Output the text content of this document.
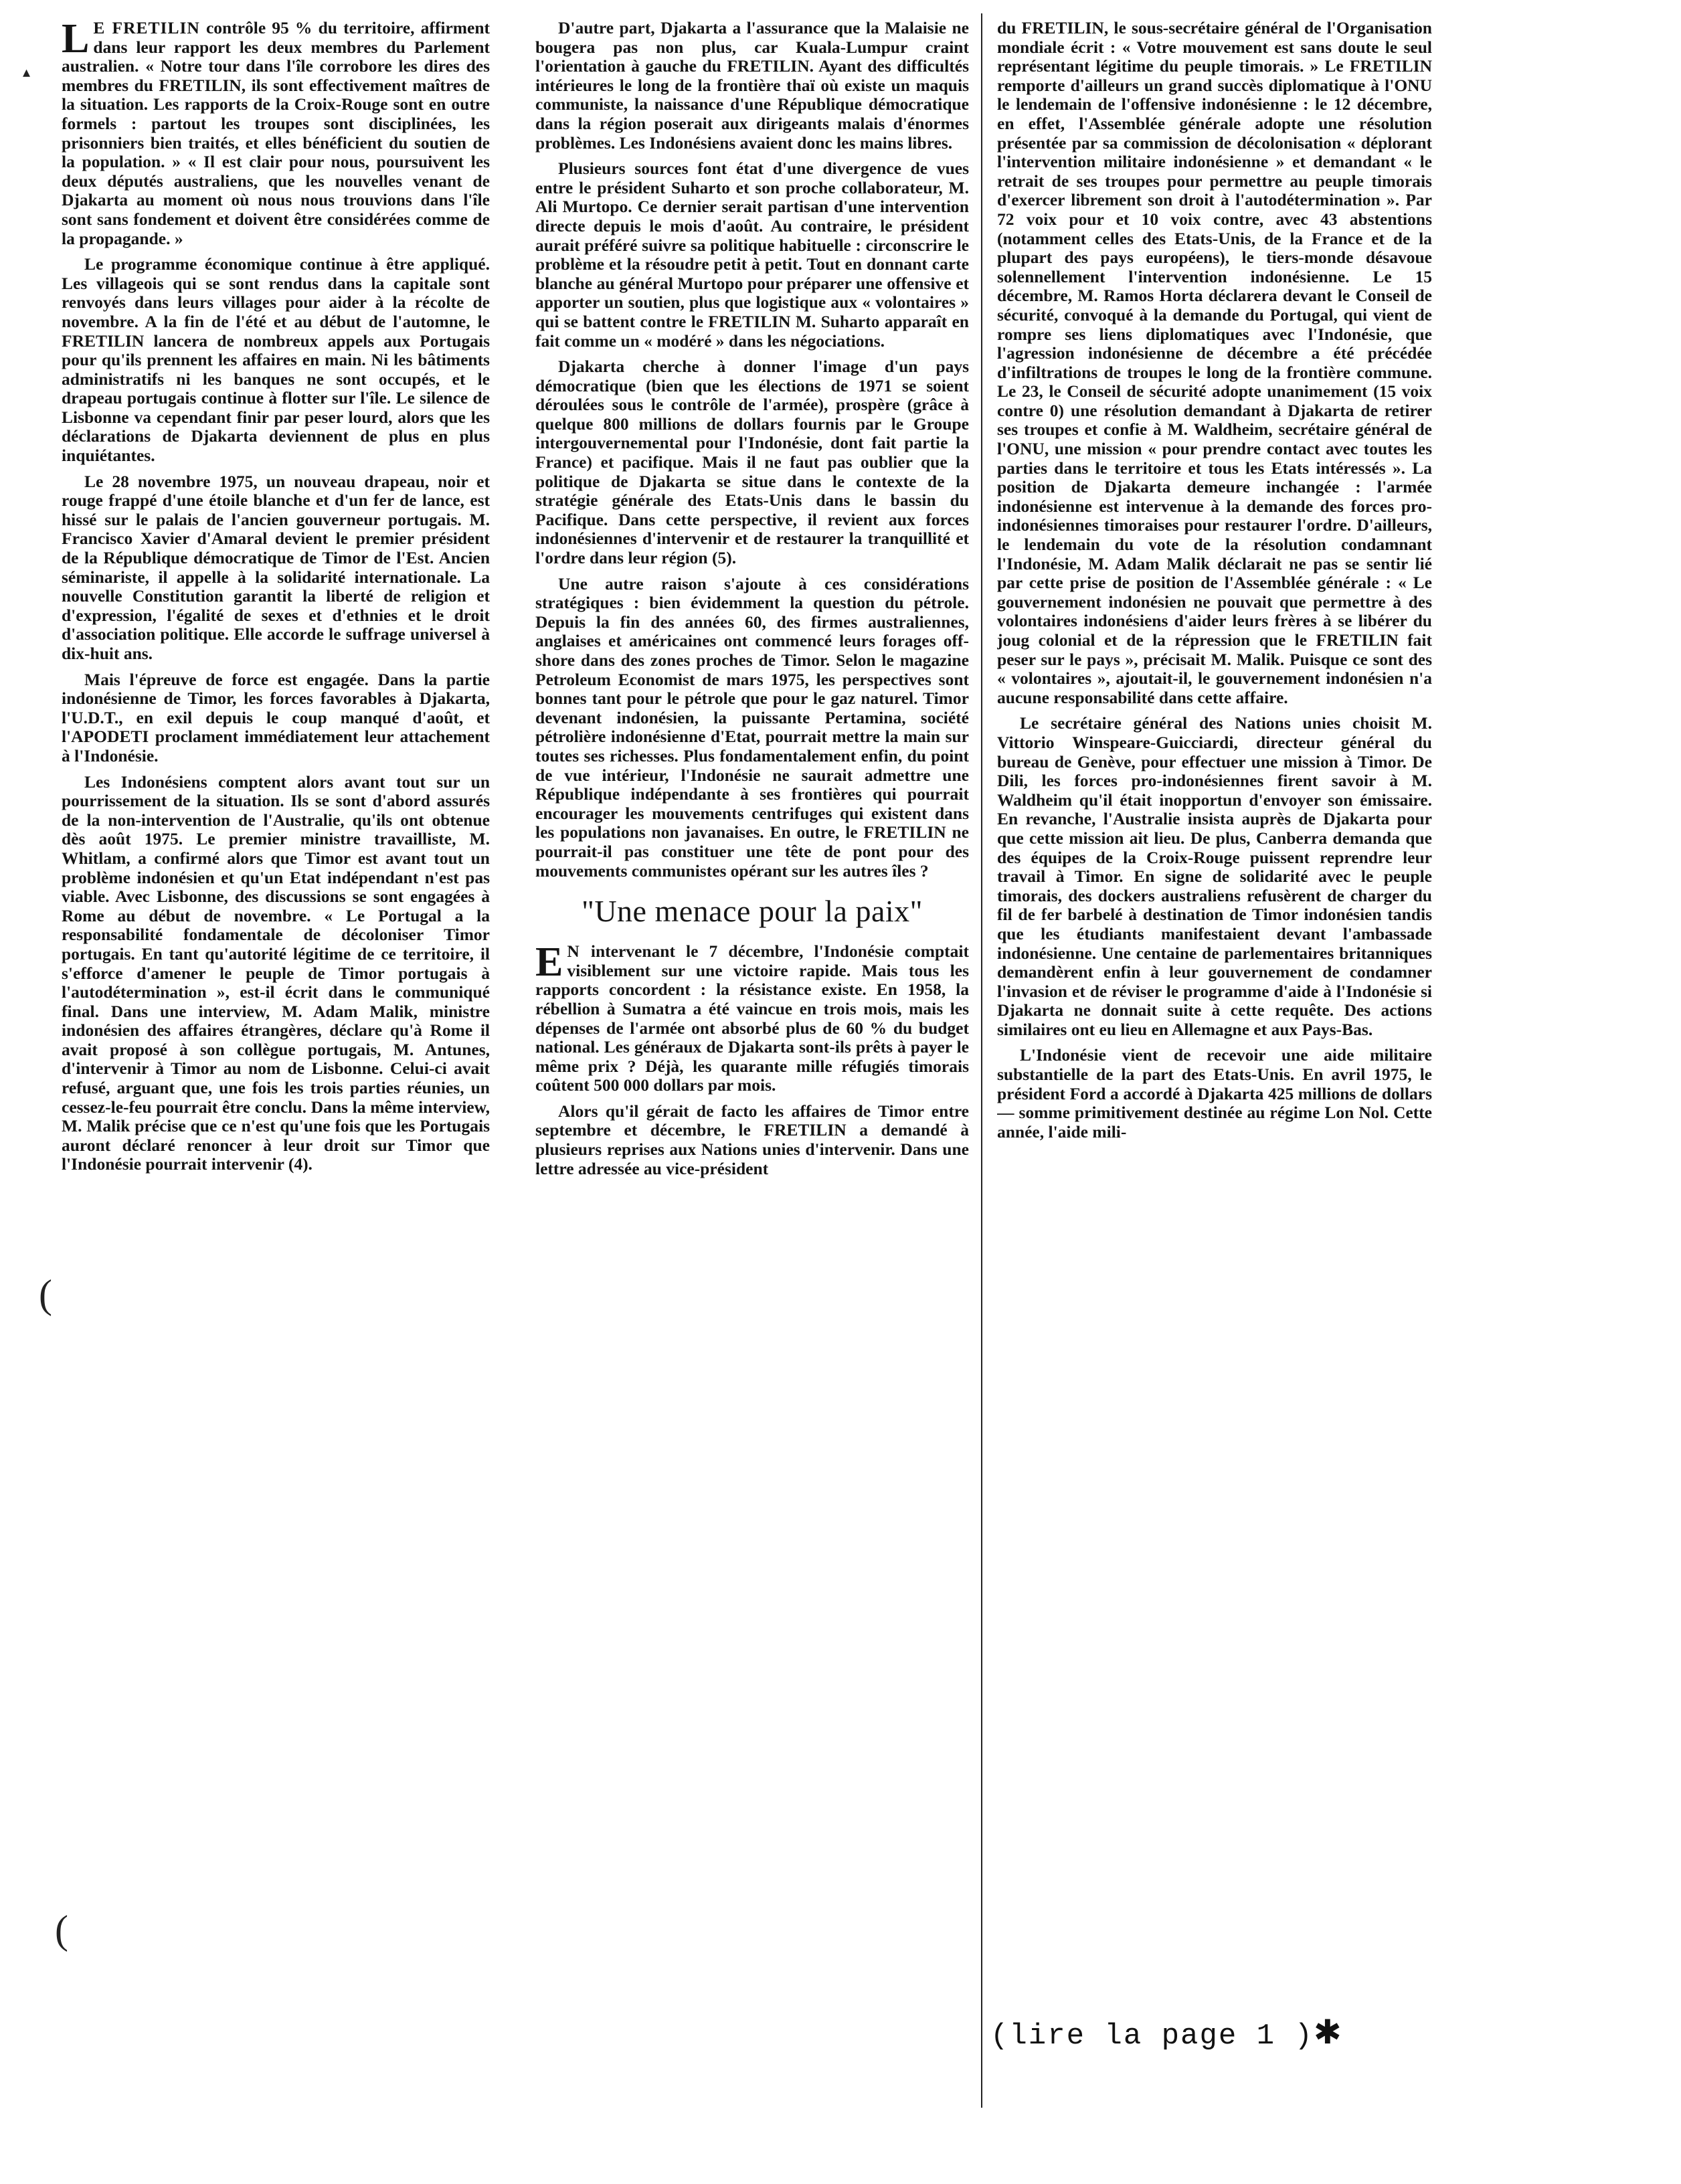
L E FRETILIN contrôle 95 % du territoire, affirment dans leur rapport les deux membres du Parlement australien. « Notre tour dans l'île corrobore les dires des membres du FRETILIN, ils sont effectivement maîtres de la situation. Les rapports de la Croix-Rouge sont en outre formels : partout les troupes sont disciplinées, les prisonniers bien traités, et elles bénéficient du soutien de la population. » « Il est clair pour nous, poursuivent les deux députés australiens, que les nouvelles venant de Djakarta au moment où nous nous trouvions dans l'île sont sans fondement et doivent être considérées comme de la propagande. »

Le programme économique continue à être appliqué. Les villageois qui se sont rendus dans la capitale sont renvoyés dans leurs villages pour aider à la récolte de novembre. A la fin de l'été et au début de l'automne, le FRETILIN lancera de nombreux appels aux Portugais pour qu'ils prennent les affaires en main. Ni les bâtiments administratifs ni les banques ne sont occupés, et le drapeau portugais continue à flotter sur l'île. Le silence de Lisbonne va cependant finir par peser lourd, alors que les déclarations de Djakarta deviennent de plus en plus inquiétantes.

Le 28 novembre 1975, un nouveau drapeau, noir et rouge frappé d'une étoile blanche et d'un fer de lance, est hissé sur le palais de l'ancien gouverneur portugais. M. Francisco Xavier d'Amaral devient le premier président de la République démocratique de Timor de l'Est. Ancien séminariste, il appelle à la solidarité internationale. La nouvelle Constitution garantit la liberté de religion et d'expression, l'égalité de sexes et d'ethnies et le droit d'association politique. Elle accorde le suffrage universel à dix-huit ans.

Mais l'épreuve de force est engagée. Dans la partie indonésienne de Timor, les forces favorables à Djakarta, l'U.D.T., en exil depuis le coup manqué d'août, et l'APODETI proclament immédiatement leur attachement à l'Indonésie.

Les Indonésiens comptent alors avant tout sur un pourrissement de la situation. Ils se sont d'abord assurés de la non-intervention de l'Australie, qu'ils ont obtenue dès août 1975. Le premier ministre travailliste, M. Whitlam, a confirmé alors que Timor est avant tout un problème indonésien et qu'un Etat indépendant n'est pas viable. Avec Lisbonne, des discussions se sont engagées à Rome au début de novembre. « Le Portugal a la responsabilité fondamentale de décoloniser Timor portugais. En tant qu'autorité légitime de ce territoire, il s'efforce d'amener le peuple de Timor portugais à l'autodétermination », est-il écrit dans le communiqué final. Dans une interview, M. Adam Malik, ministre indonésien des affaires étrangères, déclare qu'à Rome il avait proposé à son collègue portugais, M. Antunes, d'intervenir à Timor au nom de Lisbonne. Celui-ci avait refusé, arguant que, une fois les trois parties réunies, un cessez-le-feu pourrait être conclu. Dans la même interview, M. Malik précise que ce n'est qu'une fois que les Portugais auront déclaré renoncer à leur droit sur Timor que l'Indonésie pourrait intervenir (4).

D'autre part, Djakarta a l'assurance que la Malaisie ne bougera pas non plus, car Kuala-Lumpur craint l'orientation à gauche du FRETILIN. Ayant des difficultés intérieures le long de la frontière thaï où existe un maquis communiste, la naissance d'une République démocratique dans la région poserait aux dirigeants malais d'énormes problèmes. Les Indonésiens avaient donc les mains libres.

Plusieurs sources font état d'une divergence de vues entre le président Suharto et son proche collaborateur, M. Ali Murtopo. Ce dernier serait partisan d'une intervention directe depuis le mois d'août. Au contraire, le président aurait préféré suivre sa politique habituelle : circonscrire le problème et la résoudre petit à petit. Tout en donnant carte blanche au général Murtopo pour préparer une offensive et apporter un soutien, plus que logistique aux « volontaires » qui se battent contre le FRETILIN M. Suharto apparaît en fait comme un « modéré » dans les négociations.

Djakarta cherche à donner l'image d'un pays démocratique (bien que les élections de 1971 se soient déroulées sous le contrôle de l'armée), prospère (grâce à quelque 800 millions de dollars fournis par le Groupe intergouvernemental pour l'Indonésie, dont fait partie la France) et pacifique. Mais il ne faut pas oublier que la politique de Djakarta se situe dans le contexte de la stratégie générale des Etats-Unis dans le bassin du Pacifique. Dans cette perspective, il revient aux forces indonésiennes d'intervenir et de restaurer la tranquillité et l'ordre dans leur région (5).

Une autre raison s'ajoute à ces considérations stratégiques : bien évidemment la question du pétrole. Depuis la fin des années 60, des firmes australiennes, anglaises et américaines ont commencé leurs forages off-shore dans des zones proches de Timor. Selon le magazine Petroleum Economist de mars 1975, les perspectives sont bonnes tant pour le pétrole que pour le gaz naturel. Timor devenant indonésien, la puissante Pertamina, société pétrolière indonésienne d'Etat, pourrait mettre la main sur toutes ses richesses. Plus fondamentalement enfin, du point de vue intérieur, l'Indonésie ne saurait admettre une République indépendante à ses frontières qui pourrait encourager les mouvements centrifuges qui existent dans les populations non javanaises. En outre, le FRETILIN ne pourrait-il pas constituer une tête de pont pour des mouvements communistes opérant sur les autres îles ?

"Une menace pour la paix"

E N intervenant le 7 décembre, l'Indonésie comptait visiblement sur une victoire rapide. Mais tous les rapports concordent : la résistance existe. En 1958, la rébellion à Sumatra a été vaincue en trois mois, mais les dépenses de l'armée ont absorbé plus de 60 % du budget national. Les généraux de Djakarta sont-ils prêts à payer le même prix ? Déjà, les quarante mille réfugiés timorais coûtent 500 000 dollars par mois.

Alors qu'il gérait de facto les affaires de Timor entre septembre et décembre, le FRETILIN a demandé à plusieurs reprises aux Nations unies d'intervenir. Dans une lettre adressée au vice-président

du FRETILIN, le sous-secrétaire général de l'Organisation mondiale écrit : « Votre mouvement est sans doute le seul représentant légitime du peuple timorais. » Le FRETILIN remporte d'ailleurs un grand succès diplomatique à l'ONU le lendemain de l'offensive indonésienne : le 12 décembre, en effet, l'Assemblée générale adopte une résolution présentée par sa commission de décolonisation « déplorant l'intervention militaire indonésienne » et demandant « le retrait de ses troupes pour permettre au peuple timorais d'exercer librement son droit à l'autodétermination ». Par 72 voix pour et 10 voix contre, avec 43 abstentions (notamment celles des Etats-Unis, de la France et de la plupart des pays européens), le tiers-monde désavoue solennellement l'intervention indonésienne. Le 15 décembre, M. Ramos Horta déclarera devant le Conseil de sécurité, convoqué à la demande du Portugal, qui vient de rompre ses liens diplomatiques avec l'Indonésie, que l'agression indonésienne de décembre a été précédée d'infiltrations de troupes le long de la frontière commune. Le 23, le Conseil de sécurité adopte unanimement (15 voix contre 0) une résolution demandant à Djakarta de retirer ses troupes et confie à M. Waldheim, secrétaire général de l'ONU, une mission « pour prendre contact avec toutes les parties dans le territoire et tous les Etats intéressés ». La position de Djakarta demeure inchangée : l'armée indonésienne est intervenue à la demande des forces pro-indonésiennes timoraises pour restaurer l'ordre. D'ailleurs, le lendemain du vote de la résolution condamnant l'Indonésie, M. Adam Malik déclarait ne pas se sentir lié par cette prise de position de l'Assemblée générale : « Le gouvernement indonésien ne pouvait que permettre à des volontaires indonésiens d'aider leurs frères à se libérer du joug colonial et de la répression que le FRETILIN fait peser sur le pays », précisait M. Malik. Puisque ce sont des « volontaires », ajoutait-il, le gouvernement indonésien n'a aucune responsabilité dans cette affaire.

Le secrétaire général des Nations unies choisit M. Vittorio Winspeare-Guicciardi, directeur général du bureau de Genève, pour effectuer une mission à Timor. De Dili, les forces pro-indonésiennes firent savoir à M. Waldheim qu'il était inopportun d'envoyer son émissaire. En revanche, l'Australie insista auprès de Djakarta pour que cette mission ait lieu. De plus, Canberra demanda que des équipes de la Croix-Rouge puissent reprendre leur travail à Timor. En signe de solidarité avec le peuple timorais, des dockers australiens refusèrent de charger du fil de fer barbelé à destination de Timor indonésien tandis que les étudiants manifestaient devant l'ambassade indonésienne. Une centaine de parlementaires britanniques demandèrent enfin à leur gouvernement de condamner l'invasion et de réviser le programme d'aide à l'Indonésie si Djakarta ne donnait suite à cette requête. Des actions similaires ont eu lieu en Allemagne et aux Pays-Bas.

L'Indonésie vient de recevoir une aide militaire substantielle de la part des Etats-Unis. En avril 1975, le président Ford a accordé à Djakarta 425 millions de dollars — somme primitivement destinée au régime Lon Nol. Cette année, l'aide mili-

▴
(
(
(lire la page 1 )✱
